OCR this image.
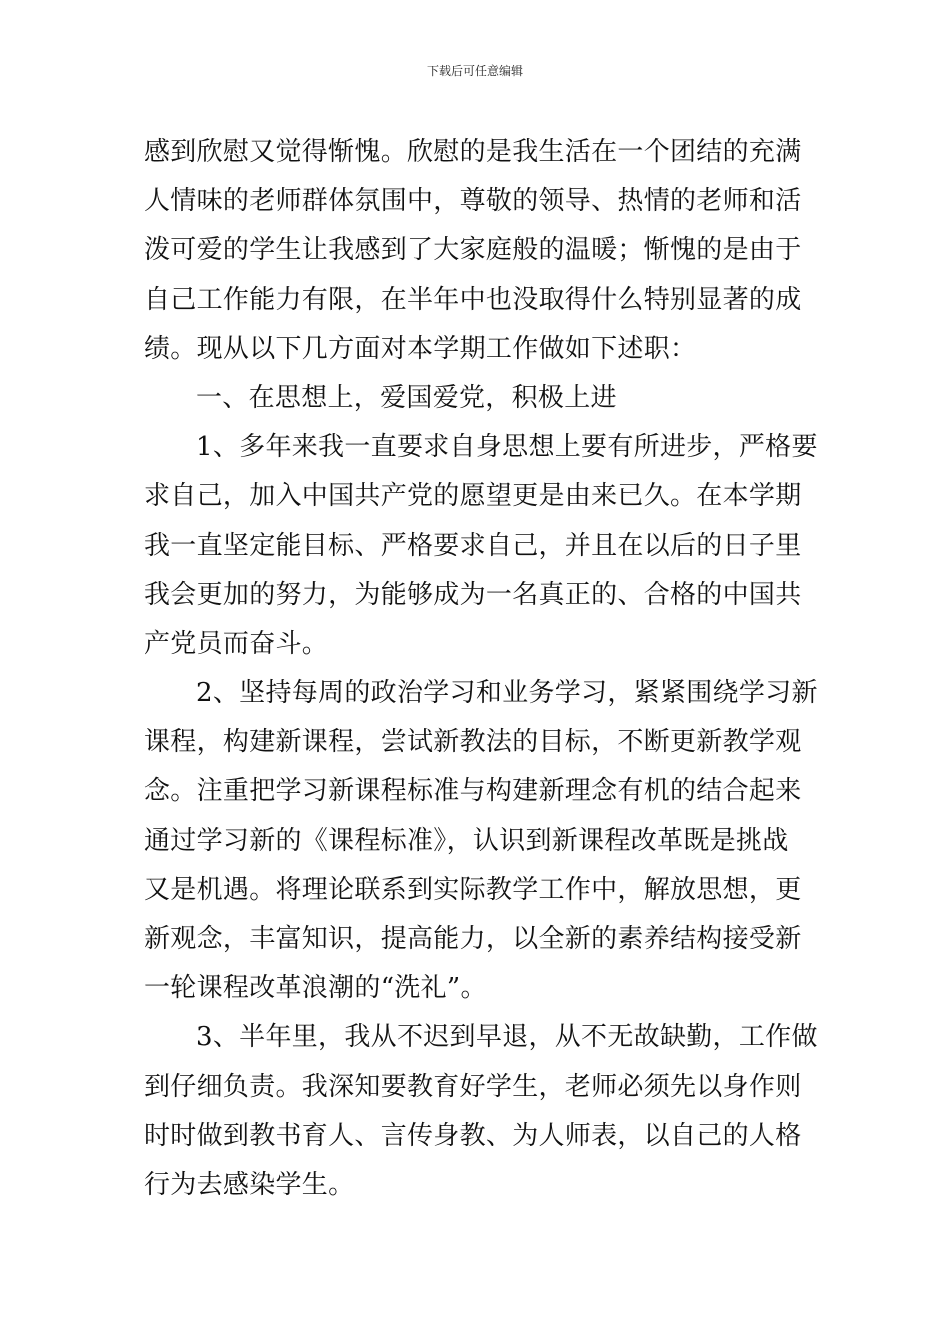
下载后可任意编辑
感到欣慰又觉得惭愧。欣慰的是我生活在一个团结的充满
人情味的老师群体氛围中，尊敬的领导、热情的老师和活
泼可爱的学生让我感到了大家庭般的温暖；惭愧的是由于
自己工作能力有限，在半年中也没取得什么特别显著的成
绩。现从以下几方面对本学期工作做如下述职：
一、在思想上，爱国爱党，积极上进
1、多年来我一直要求自身思想上要有所进步，严格要
求自己，加入中国共产党的愿望更是由来已久。在本学期
我一直坚定能目标、严格要求自己，并且在以后的日子里
我会更加的努力，为能够成为一名真正的、合格的中国共
产党员而奋斗。
2、坚持每周的政治学习和业务学习，紧紧围绕学习新
课程，构建新课程，尝试新教法的目标，不断更新教学观
念。注重把学习新课程标准与构建新理念有机的结合起来
通过学习新的《课程标准》，认识到新课程改革既是挑战
又是机遇。将理论联系到实际教学工作中，解放思想，更
新观念，丰富知识，提高能力，以全新的素养结构接受新
一轮课程改革浪潮的“洗礼”。
3、半年里，我从不迟到早退，从不无故缺勤，工作做
到仔细负责。我深知要教育好学生，老师必须先以身作则
时时做到教书育人、言传身教、为人师表，以自己的人格
行为去感染学生。
